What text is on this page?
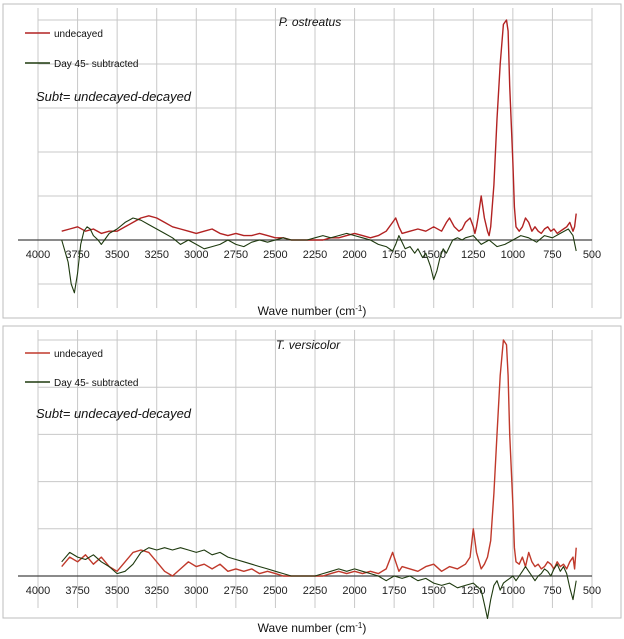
4000 3750 3500 3250 3000 2750 2500 2250 2000 1750 1500 1250 1000 750 500
undecayed
Day 45- subtracted
P. ostreatus
Subt= undecayed-decayed
Wave number $(cm^{-1})$
4000 3750 3500 3250 3000 2750 2500 2250 2000 1750 1500 1250 1000 750 500
undecayed
Day 45- subtracted
T. versicolor
Subt= undecayed-decayed
Wave number $(cm^{-1})$
